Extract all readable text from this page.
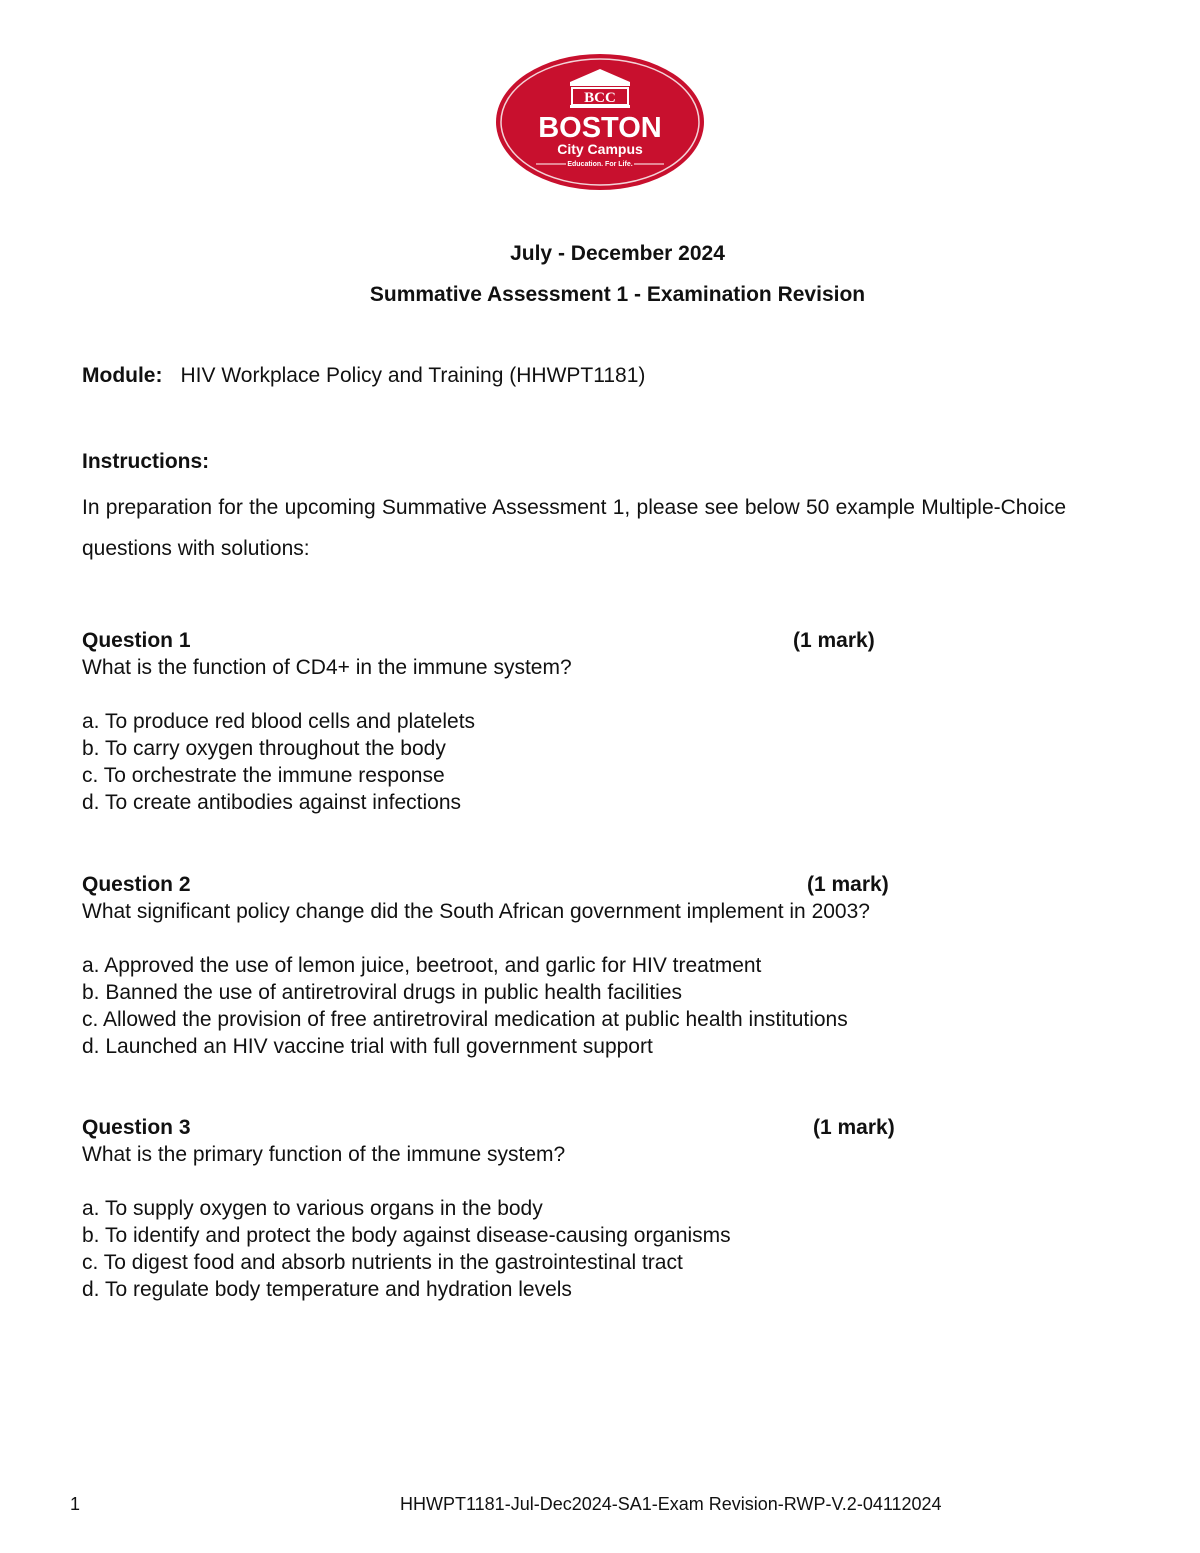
BCC
BOSTON
City Campus
Education. For Life.
July - December 2024
Summative Assessment 1 - Examination Revision
Module: HIV Workplace Policy and Training (HHWPT1181)
Instructions:
In preparation for the upcoming Summative Assessment 1, please see below 50 example Multiple-Choice questions with solutions:
Question 1	(1 mark)
What is the function of CD4+ in the immune system?
a. To produce red blood cells and platelets
b. To carry oxygen throughout the body
c. To orchestrate the immune response
d. To create antibodies against infections
Question 2	(1 mark)
What significant policy change did the South African government implement in 2003?
a. Approved the use of lemon juice, beetroot, and garlic for HIV treatment
b. Banned the use of antiretroviral drugs in public health facilities
c. Allowed the provision of free antiretroviral medication at public health institutions
d. Launched an HIV vaccine trial with full government support
Question 3	(1 mark)
What is the primary function of the immune system?
a. To supply oxygen to various organs in the body
b. To identify and protect the body against disease-causing organisms
c. To digest food and absorb nutrients in the gastrointestinal tract
d. To regulate body temperature and hydration levels
1	HHWPT1181-Jul-Dec2024-SA1-Exam Revision-RWP-V.2-04112024
